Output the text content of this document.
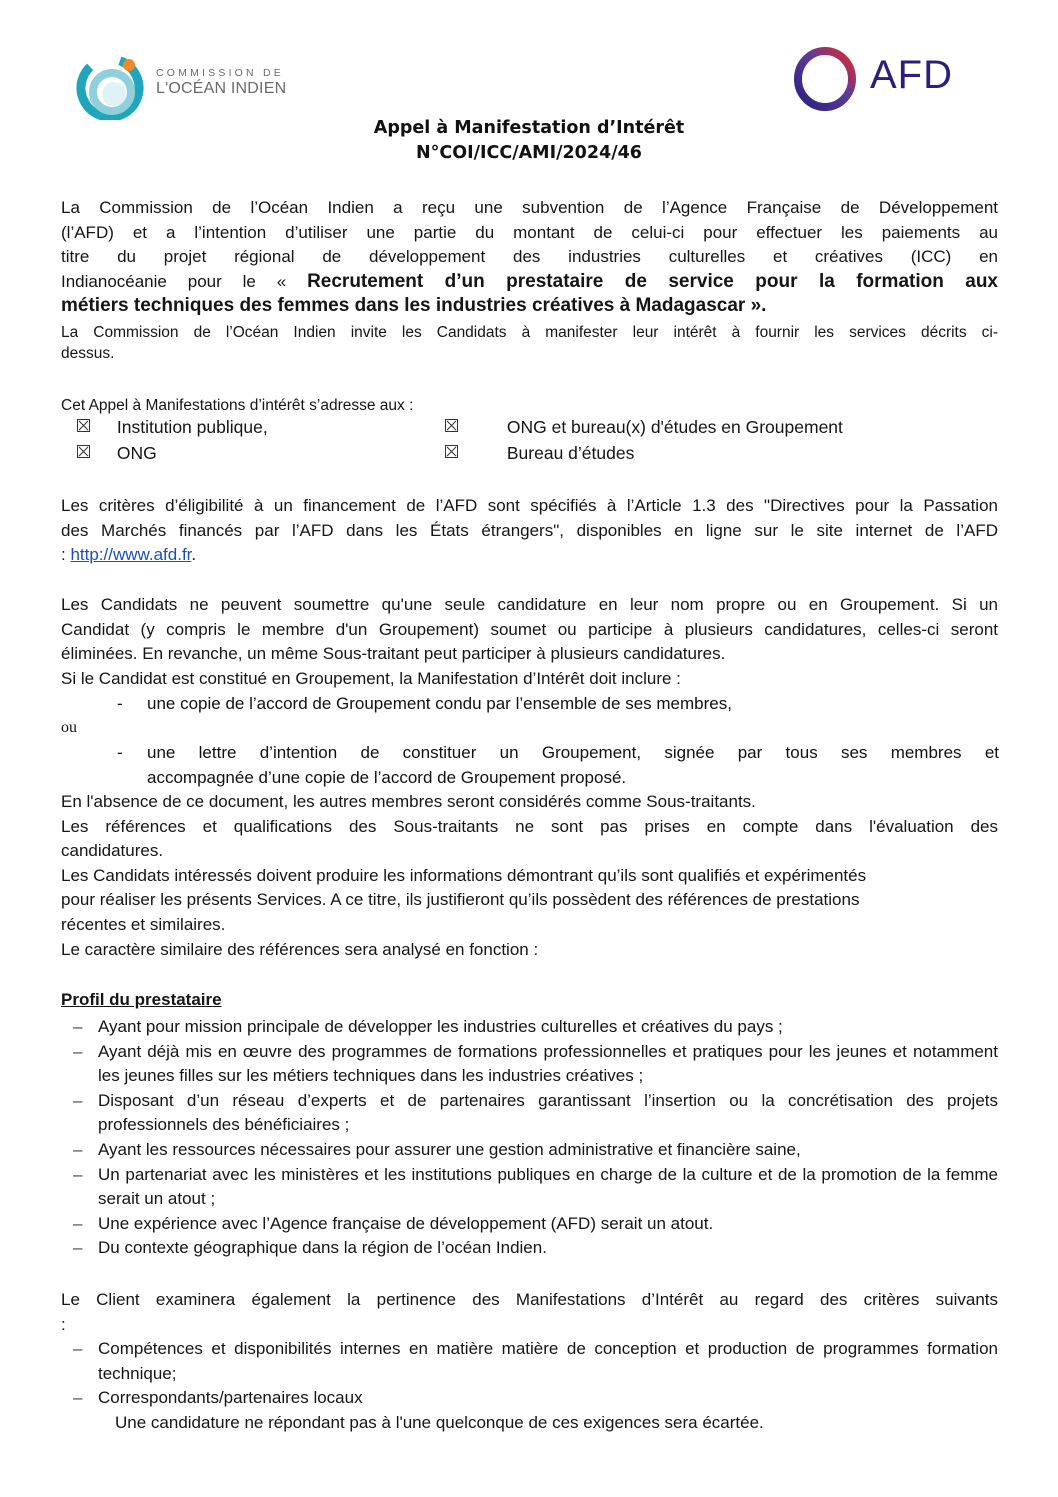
COMMISSION DE
L'OCÉAN INDIEN	AFD
Appel à Manifestation d’Intérêt
N°COI/ICC/AMI/2024/46
La Commission de l’Océan Indien a reçu une subvention de l’Agence Française de Développement
(l’AFD) et a l’intention d’utiliser une partie du montant de celui-ci pour effectuer les paiements au
titre du projet régional de développement des industries culturelles et créatives (ICC) en
Indianocéanie pour le « Recrutement d’un prestataire de service pour la formation aux
métiers techniques des femmes dans les industries créatives à Madagascar ».
La Commission de l’Océan Indien invite les Candidats à manifester leur intérêt à fournir les services décrits ci-
dessus.
Cet Appel à Manifestations d’intérêt s’adresse aux :
Institution publique,	ONG et bureau(x) d'études en Groupement
ONG	Bureau d’études
Les critères d’éligibilité à un financement de l’AFD sont spécifiés à l’Article 1.3 des "Directives pour la Passation
des Marchés financés par l’AFD dans les États étrangers", disponibles en ligne sur le site internet de l’AFD
: http://www.afd.fr.
Les Candidats ne peuvent soumettre qu'une seule candidature en leur nom propre ou en Groupement. Si un
Candidat (y compris le membre d'un Groupement) soumet ou participe à plusieurs candidatures, celles-ci seront
éliminées. En revanche, un même Sous-traitant peut participer à plusieurs candidatures.
Si le Candidat est constitué en Groupement, la Manifestation d’Intérêt doit inclure :
- une copie de l’accord de Groupement condu par l’ensemble de ses membres,
ou
- une lettre d’intention de constituer un Groupement, signée par tous ses membres et
accompagnée d’une copie de l’accord de Groupement proposé.
En l'absence de ce document, les autres membres seront considérés comme Sous-traitants.
Les références et qualifications des Sous-traitants ne sont pas prises en compte dans l'évaluation des
candidatures.
Les Candidats intéressés doivent produire les informations démontrant qu’ils sont qualifiés et expérimentés
pour réaliser les présents Services. A ce titre, ils justifieront qu’ils possèdent des références de prestations
récentes et similaires.
Le caractère similaire des références sera analysé en fonction :
Profil du prestataire
– Ayant pour mission principale de développer les industries culturelles et créatives du pays ;
– Ayant déjà mis en œuvre des programmes de formations professionnelles et pratiques pour les jeunes et notamment les jeunes filles sur les métiers techniques dans les industries créatives ;
– Disposant d’un réseau d’experts et de partenaires garantissant l’insertion ou la concrétisation des projets professionnels des bénéficiaires ;
– Ayant les ressources nécessaires pour assurer une gestion administrative et financière saine,
– Un partenariat avec les ministères et les institutions publiques en charge de la culture et de la promotion de la femme serait un atout ;
– Une expérience avec l’Agence française de développement (AFD) serait un atout.
– Du contexte géographique dans la région de l’océan Indien.
Le Client examinera également la pertinence des Manifestations d’Intérêt au regard des critères suivants
:
– Compétences et disponibilités internes en matière matière de conception et production de programmes formation technique;
– Correspondants/partenaires locaux
Une candidature ne répondant pas à l'une quelconque de ces exigences sera écartée.
